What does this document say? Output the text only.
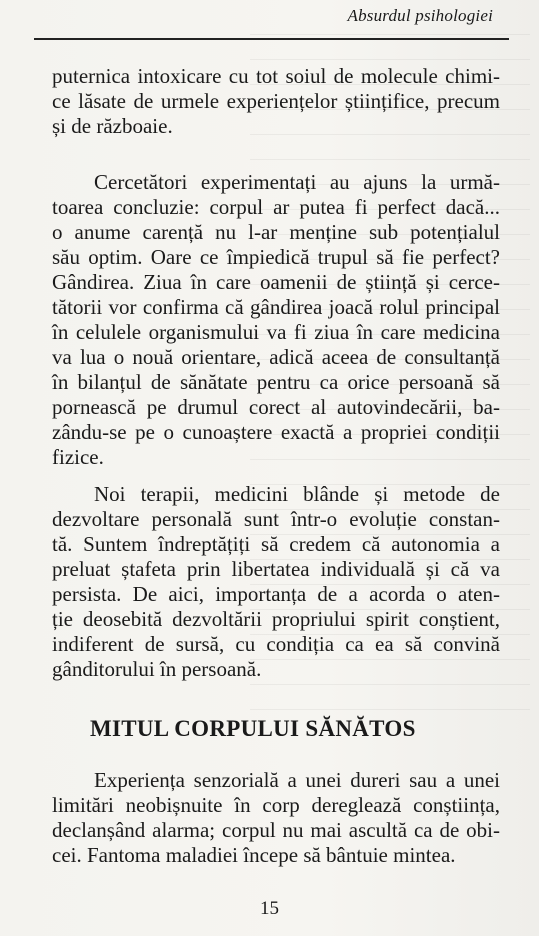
Absurdul psihologiei

puternica intoxicare cu tot soiul de molecule chimi-

ce lăsate de urmele experiențelor științifice, precum

și de războaie.

Cercetători experimentați au ajuns la urmă-

toarea concluzie: corpul ar putea fi perfect dacă...

o anume carență nu l-ar menține sub potențialul

său optim. Oare ce împiedică trupul să fie perfect?

Gândirea. Ziua în care oamenii de știință și cerce-

tătorii vor confirma că gândirea joacă rolul principal

în celulele organismului va fi ziua în care medicina

va lua o nouă orientare, adică aceea de consultanță

în bilanțul de sănătate pentru ca orice persoană să

pornească pe drumul corect al autovindecării, ba-

zându-se pe o cunoaștere exactă a propriei condiții

fizice.

Noi terapii, medicini blânde și metode de

dezvoltare personală sunt într-o evoluție constan-

tă. Suntem îndreptățiți să credem că autonomia a

preluat ștafeta prin libertatea individuală și că va

persista. De aici, importanța de a acorda o aten-

ție deosebită dezvoltării propriului spirit conștient,

indiferent de sursă, cu condiția ca ea să convină

gânditorului în persoană.

MITUL CORPULUI SĂNĂTOS

Experiența senzorială a unei dureri sau a unei

limitări neobișnuite în corp dereglează conștiința,

declanșând alarma; corpul nu mai ascultă ca de obi-

cei. Fantoma maladiei începe să bântuie mintea.

15
